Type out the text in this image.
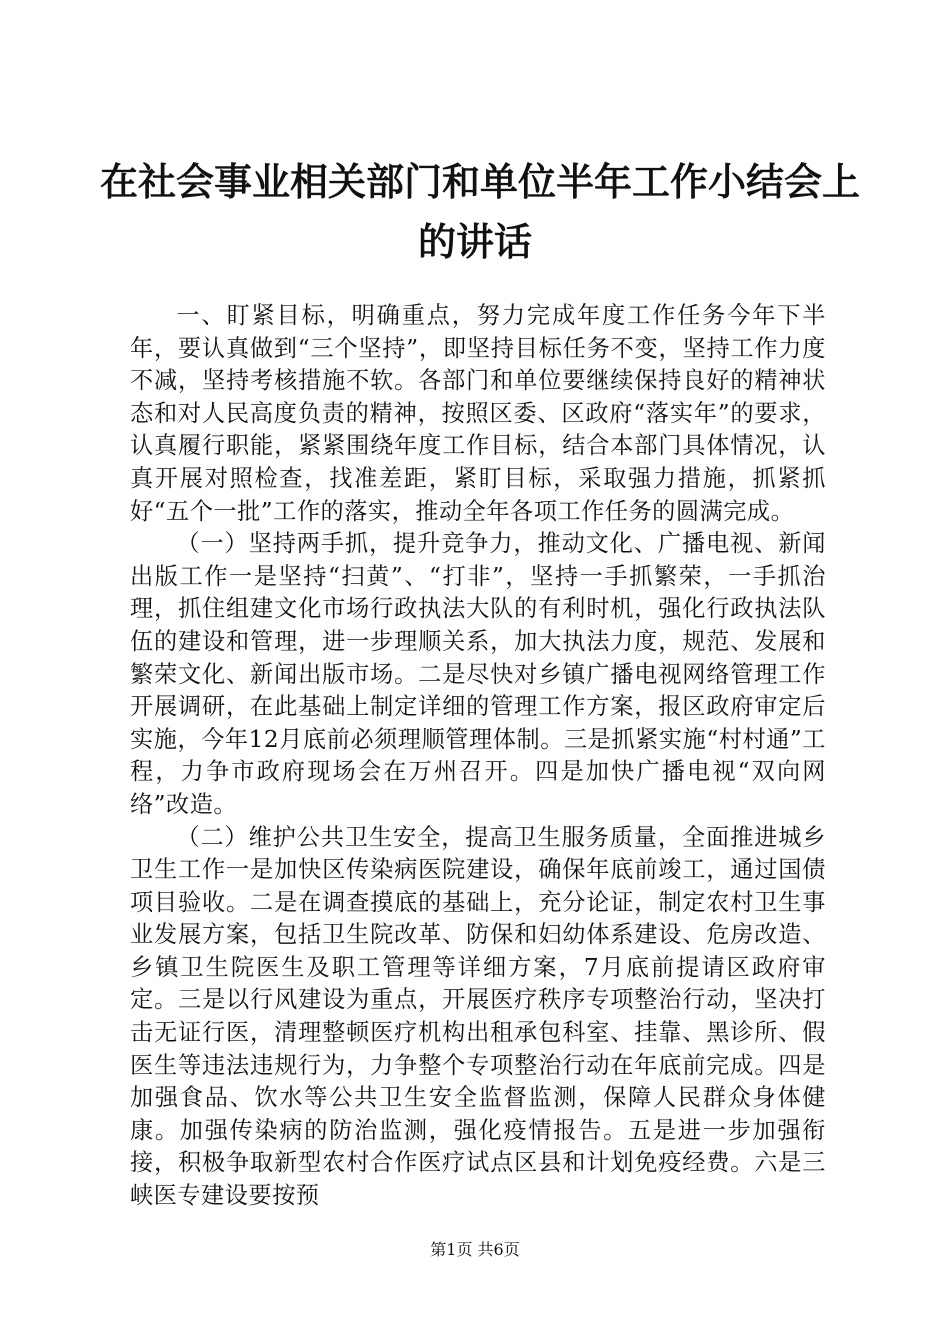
在社会事业相关部门和单位半年工作小结会上
的讲话

一、盯紧目标，明确重点，努力完成年度工作任务今年下半年，要认真做到“三个坚持”，即坚持目标任务不变，坚持工作力度不减，坚持考核措施不软。各部门和单位要继续保持良好的精神状态和对人民高度负责的精神，按照区委、区政府“落实年”的要求，认真履行职能，紧紧围绕年度工作目标，结合本部门具体情况，认真开展对照检查，找准差距，紧盯目标，采取强力措施，抓紧抓好“五个一批”工作的落实，推动全年各项工作任务的圆满完成。

（一）坚持两手抓，提升竞争力，推动文化、广播电视、新闻出版工作一是坚持“扫黄”、“打非”，坚持一手抓繁荣，一手抓治理，抓住组建文化市场行政执法大队的有利时机，强化行政执法队伍的建设和管理，进一步理顺关系，加大执法力度，规范、发展和繁荣文化、新闻出版市场。二是尽快对乡镇广播电视网络管理工作开展调研，在此基础上制定详细的管理工作方案，报区政府审定后实施，今年12月底前必须理顺管理体制。三是抓紧实施“村村通”工程，力争市政府现场会在万州召开。四是加快广播电视“双向网络”改造。

（二）维护公共卫生安全，提高卫生服务质量，全面推进城乡卫生工作一是加快区传染病医院建设，确保年底前竣工，通过国债项目验收。二是在调查摸底的基础上，充分论证，制定农村卫生事业发展方案，包括卫生院改革、防保和妇幼体系建设、危房改造、乡镇卫生院医生及职工管理等详细方案，7月底前提请区政府审定。三是以行风建设为重点，开展医疗秩序专项整治行动，坚决打击无证行医，清理整顿医疗机构出租承包科室、挂靠、黑诊所、假医生等违法违规行为，力争整个专项整治行动在年底前完成。四是加强食品、饮水等公共卫生安全监督监测，保障人民群众身体健康。加强传染病的防治监测，强化疫情报告。五是进一步加强衔接，积极争取新型农村合作医疗试点区县和计划免疫经费。六是三峡医专建设要按预

第1页 共6页
